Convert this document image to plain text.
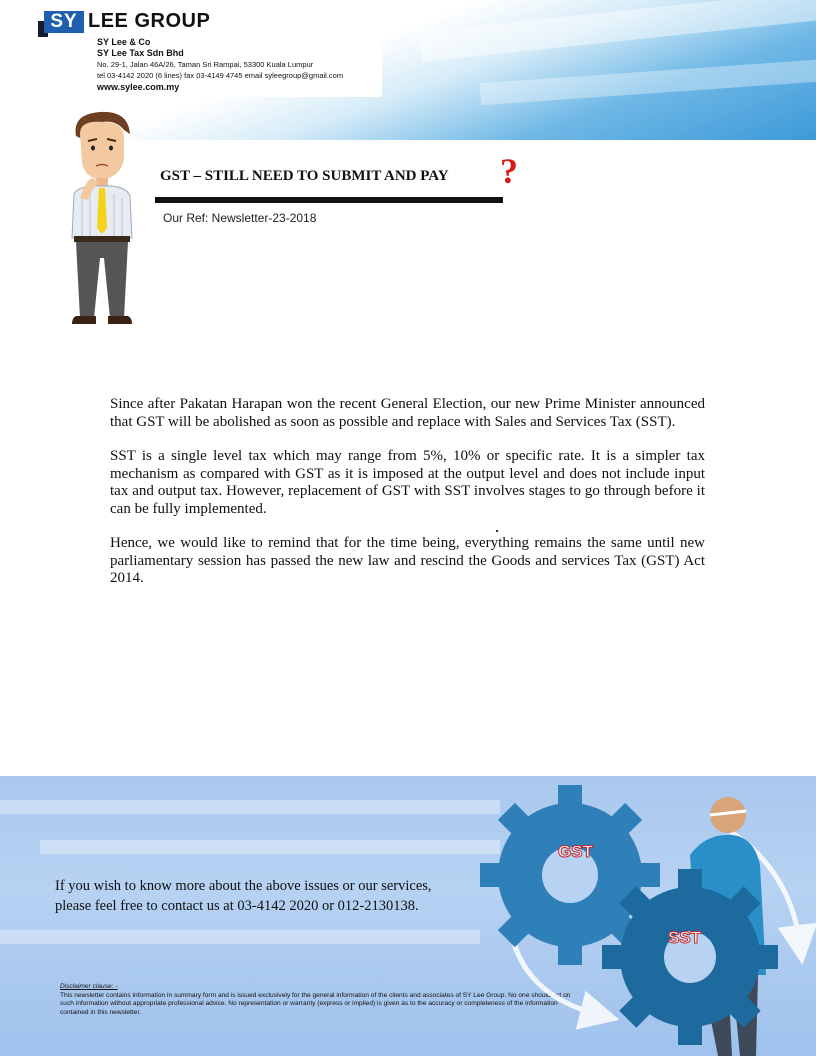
SY LEE GROUP
SY Lee & Co
SY Lee Tax Sdn Bhd
No. 29-1, Jalan 46A/26, Taman Sri Rampai, 53300 Kuala Lumpur
tel 03-4142 2020 (6 lines) fax 03-4149 4745 email syleegroup@gmail.com
www.sylee.com.my
GST – STILL NEED TO SUBMIT AND PAY ?
Our Ref: Newsletter-23-2018

Since after Pakatan Harapan won the recent General Election, our new Prime Minister announced that GST will be abolished as soon as possible and replace with Sales and Services Tax (SST).

SST is a single level tax which may range from 5%, 10% or specific rate. It is a simpler tax mechanism as compared with GST as it is imposed at the output level and does not include input tax and output tax. However, replacement of GST with SST involves stages to go through before it can be fully implemented.

Hence, we would like to remind that for the time being, everything remains the same until new parliamentary session has passed the new law and rescind the Goods and services Tax (GST) Act 2014.

If you wish to know more about the above issues or our services,
please feel free to contact us at 03-4142 2020 or 012-2130138.
Disclaimer clause: -
This newsletter contains information in summary form and is issued exclusively for the general information of the clients and associates of SY Lee Group. No one should act on such information without appropriate professional advice. No representation or warranty (express or implied) is given as to the accuracy or completeness of the information contained in this newsletter.
GST
SST
